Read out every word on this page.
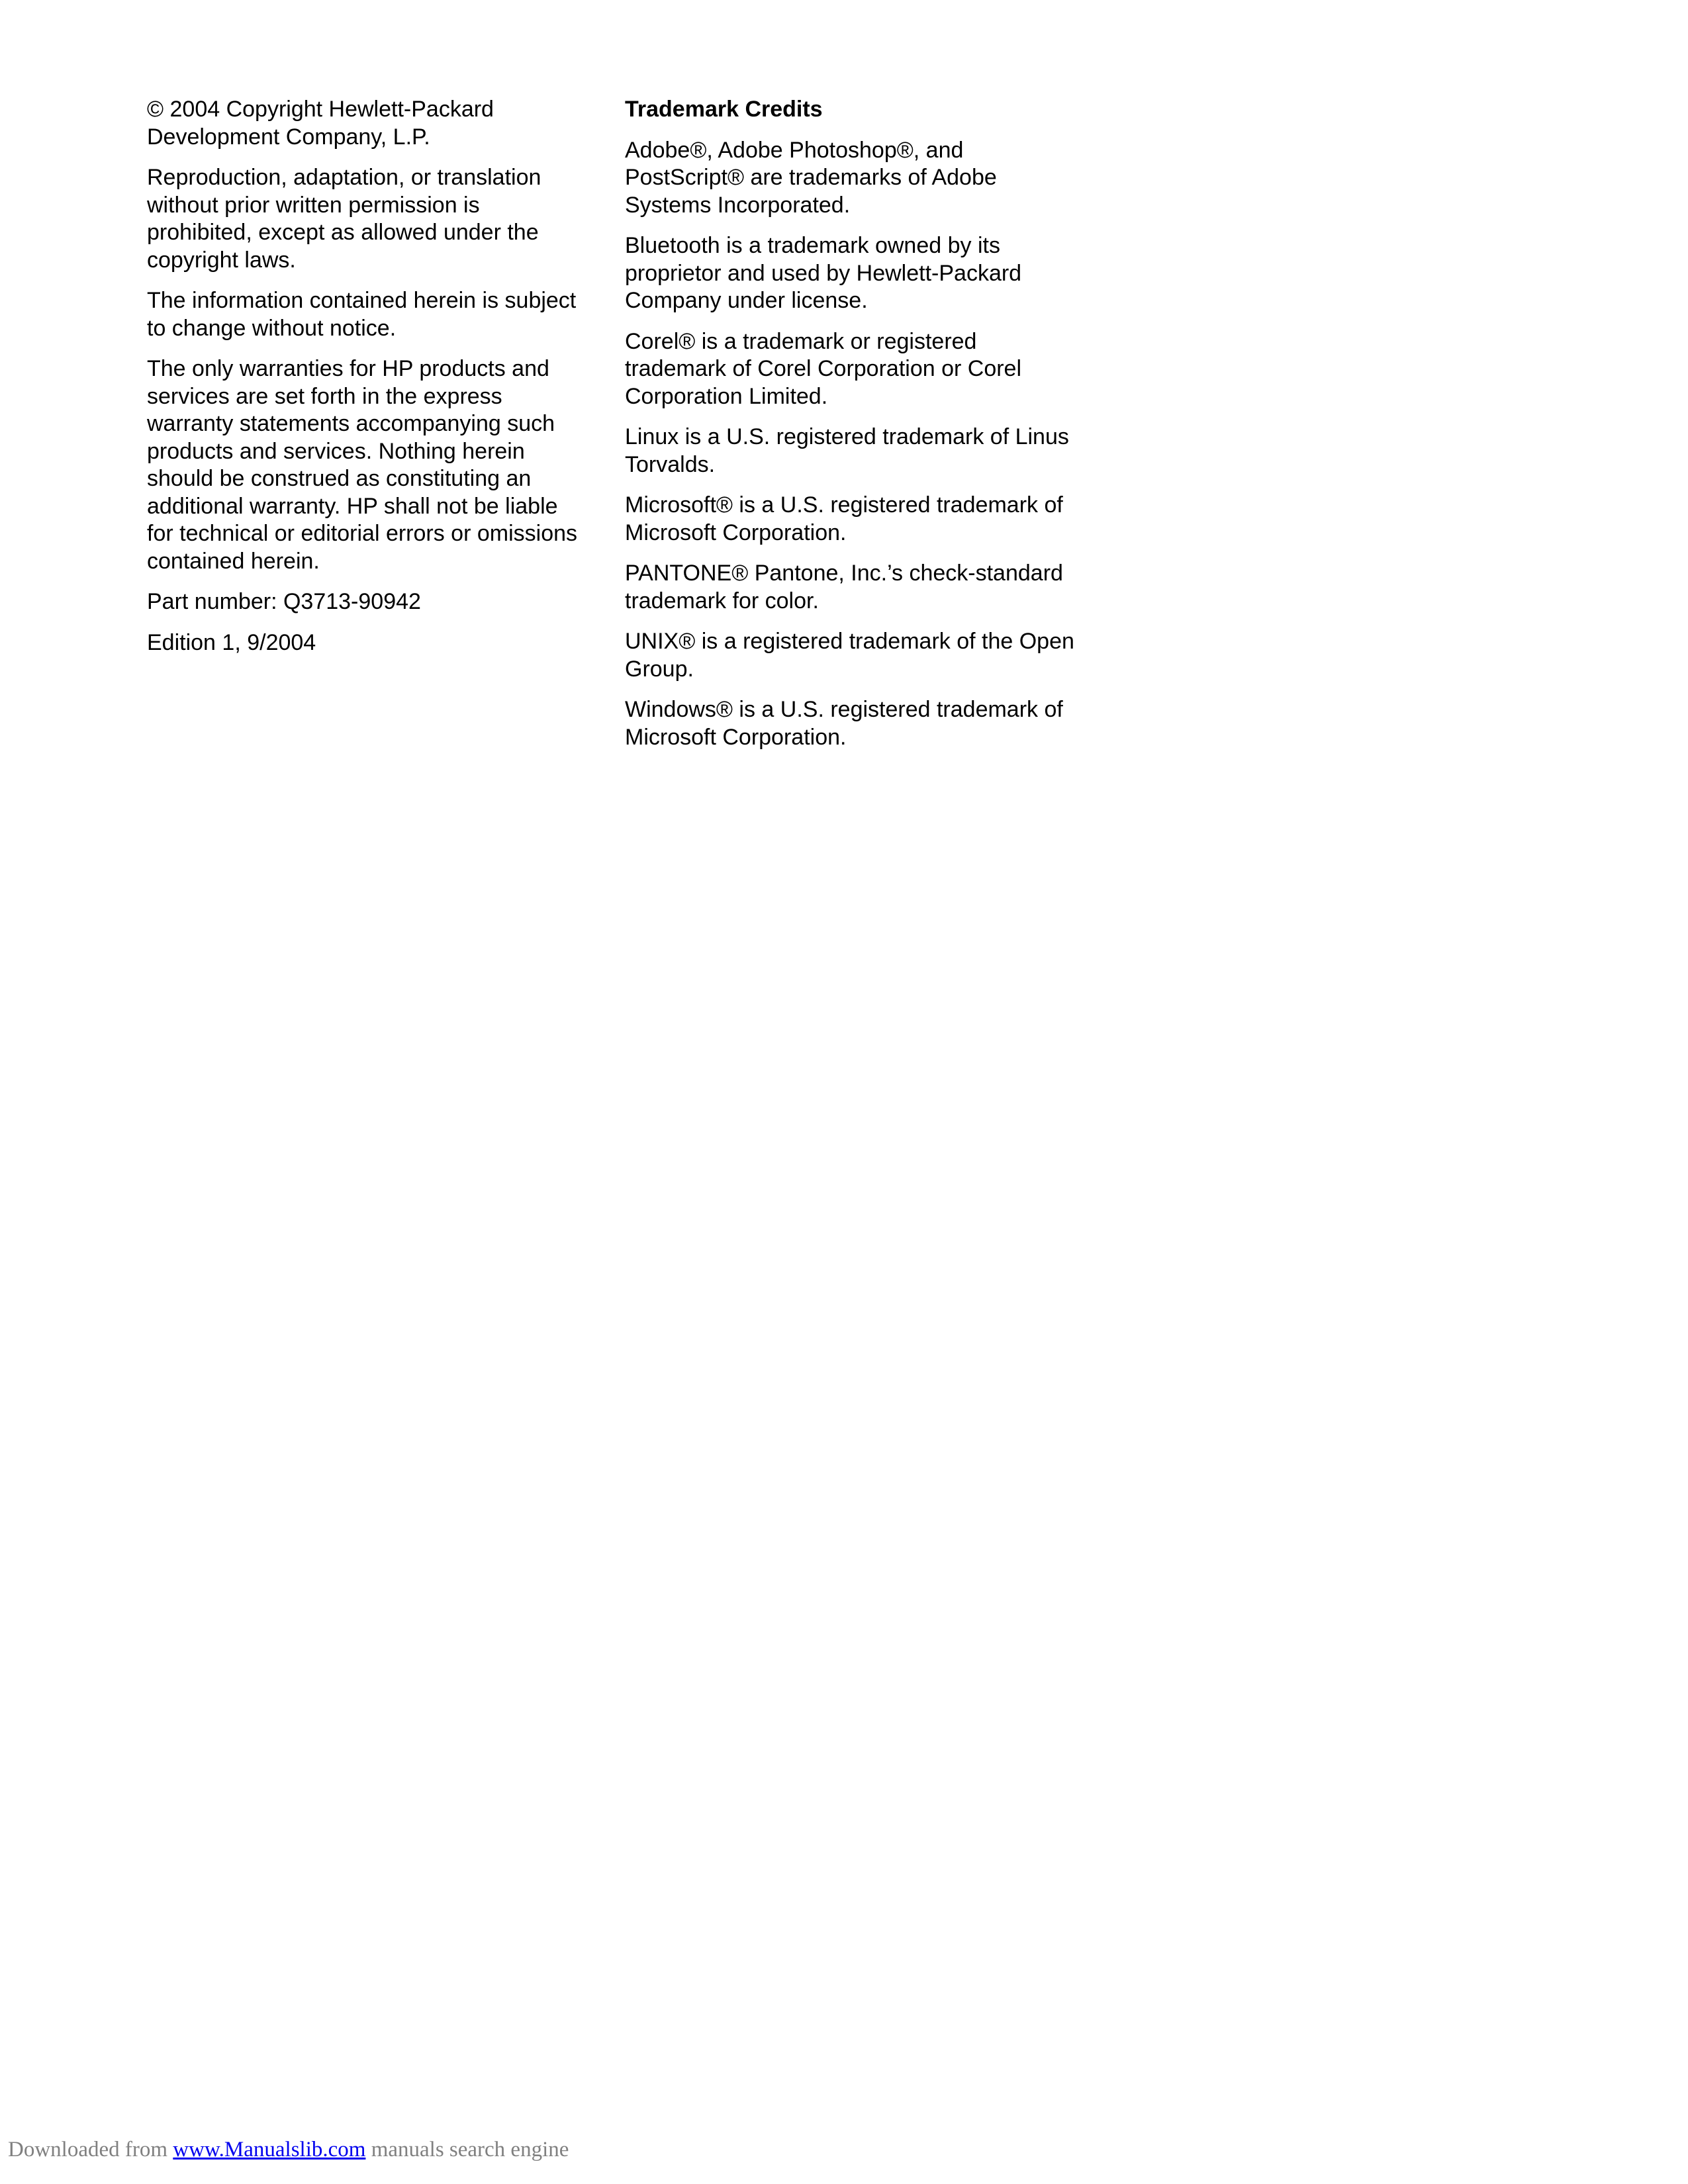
© 2004 Copyright Hewlett-Packard Development Company, L.P.

Reproduction, adaptation, or translation without prior written permission is prohibited, except as allowed under the copyright laws.

The information contained herein is subject to change without notice.

The only warranties for HP products and services are set forth in the express warranty statements accompanying such products and services. Nothing herein should be construed as constituting an additional warranty. HP shall not be liable for technical or editorial errors or omissions contained herein.

Part number: Q3713-90942

Edition 1, 9/2004

Trademark Credits

Adobe®, Adobe Photoshop®, and PostScript® are trademarks of Adobe Systems Incorporated.

Bluetooth is a trademark owned by its proprietor and used by Hewlett-Packard Company under license.

Corel® is a trademark or registered trademark of Corel Corporation or Corel Corporation Limited.

Linux is a U.S. registered trademark of Linus Torvalds.

Microsoft® is a U.S. registered trademark of Microsoft Corporation.

PANTONE® Pantone, Inc.’s check-standard trademark for color.

UNIX® is a registered trademark of the Open Group.

Windows® is a U.S. registered trademark of Microsoft Corporation.

Downloaded from www.Manualslib.com manuals search engine
